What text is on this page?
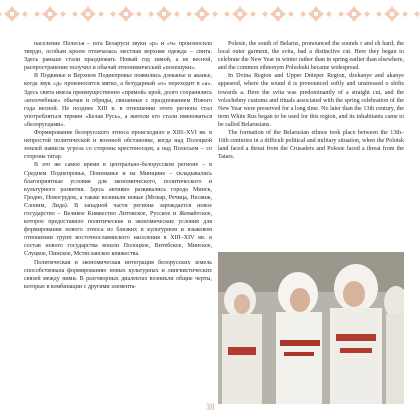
население Полесья – юга Беларуси звуки «р» и «ч» произносило твердо, особым кроем отличалась местная верхняя одежда – свита. Здесь раньше стали праздновать Новый год зимой, а не весной, раcпространение получил и обычай этнонимический «полешуки».

В Подвинье и Верхнем Поднепровье появились дзеканье и аканье, когда звук «д» произносится мягко, а безударный «о» переходит в «а». Здесь свита имела преимущественно «прямой» крой, долго сохранялись «волочебные» обычаи и обряды, связанные с празднованием Нового года весной. Не позднее XIII в. в отношении этого региона стал употребляться термин «Белая Русь», а жители его стали именоваться «белорусцами».

Формирование белорусского этноса происходило в XIII–XVI вв. в непростой политической и военной обстановке, когда над Полоцкой землей нависла угроза со стороны крестоносцев, а над Полесьем – со стороны татар.

В это же самое время в центрально-белорусском регионе – в Среднем Поднепровье, Понеманье и на Минщине – складывались благоприятные условия для экономического, политического и культурного развития. Здесь активно развивались города Минск, Гродно, Новогрудок, а также возникли новые (Мозыр, Речица, Несвиж, Слоним, Лида). В западной части региона зарождается новое государство – Великое Княжество Литовское, Русское и Жемайтское, которое предоставило политические и экономические условия для формирования нового этноса из близких в культурном и языковом отношении групп восточнославянского населения в XIII–XIV вв. в состав нового государства вошли Полоцкое, Витебское, Минское, Слуцкое, Пинское, Мстиславское княжества.

Политическая и экономическая интеграция белорусских земель способствовала формированию новых культурных и лингвистических связей между ними. В разговорных диалектах возникли общие черты, которые в комбинации с другими элемента-

Polesie, the south of Belarus, pronounced the sounds r and ch hard; the local outer garment, the svita, had a distinctive cut. Here they began to celebrate the New Year in winter rather than in spring earlier than elsewhere, and the common ethnonym Poleshuki became widespread.

In Dvina Region and Upper Dnieper Region, dzekanye and akanye appeared, where the sound d is pronounced softly and unstressed o shifts towards a. Here the svita was predominantly of a straight cut, and the volochebny customs and rituals associated with the spring celebration of the New Year were preserved for a long time. No later than the 13th century, the term White Rus began to be used for this region, and its inhabitants came to be called Belarusians.

The formation of the Belarusian ethnos took place between the 13th–16th centuries in a difficult political and military situation, when the Polotsk land faced a threat from the Crusaders and Polesie faced a threat from the Tatars.

38
